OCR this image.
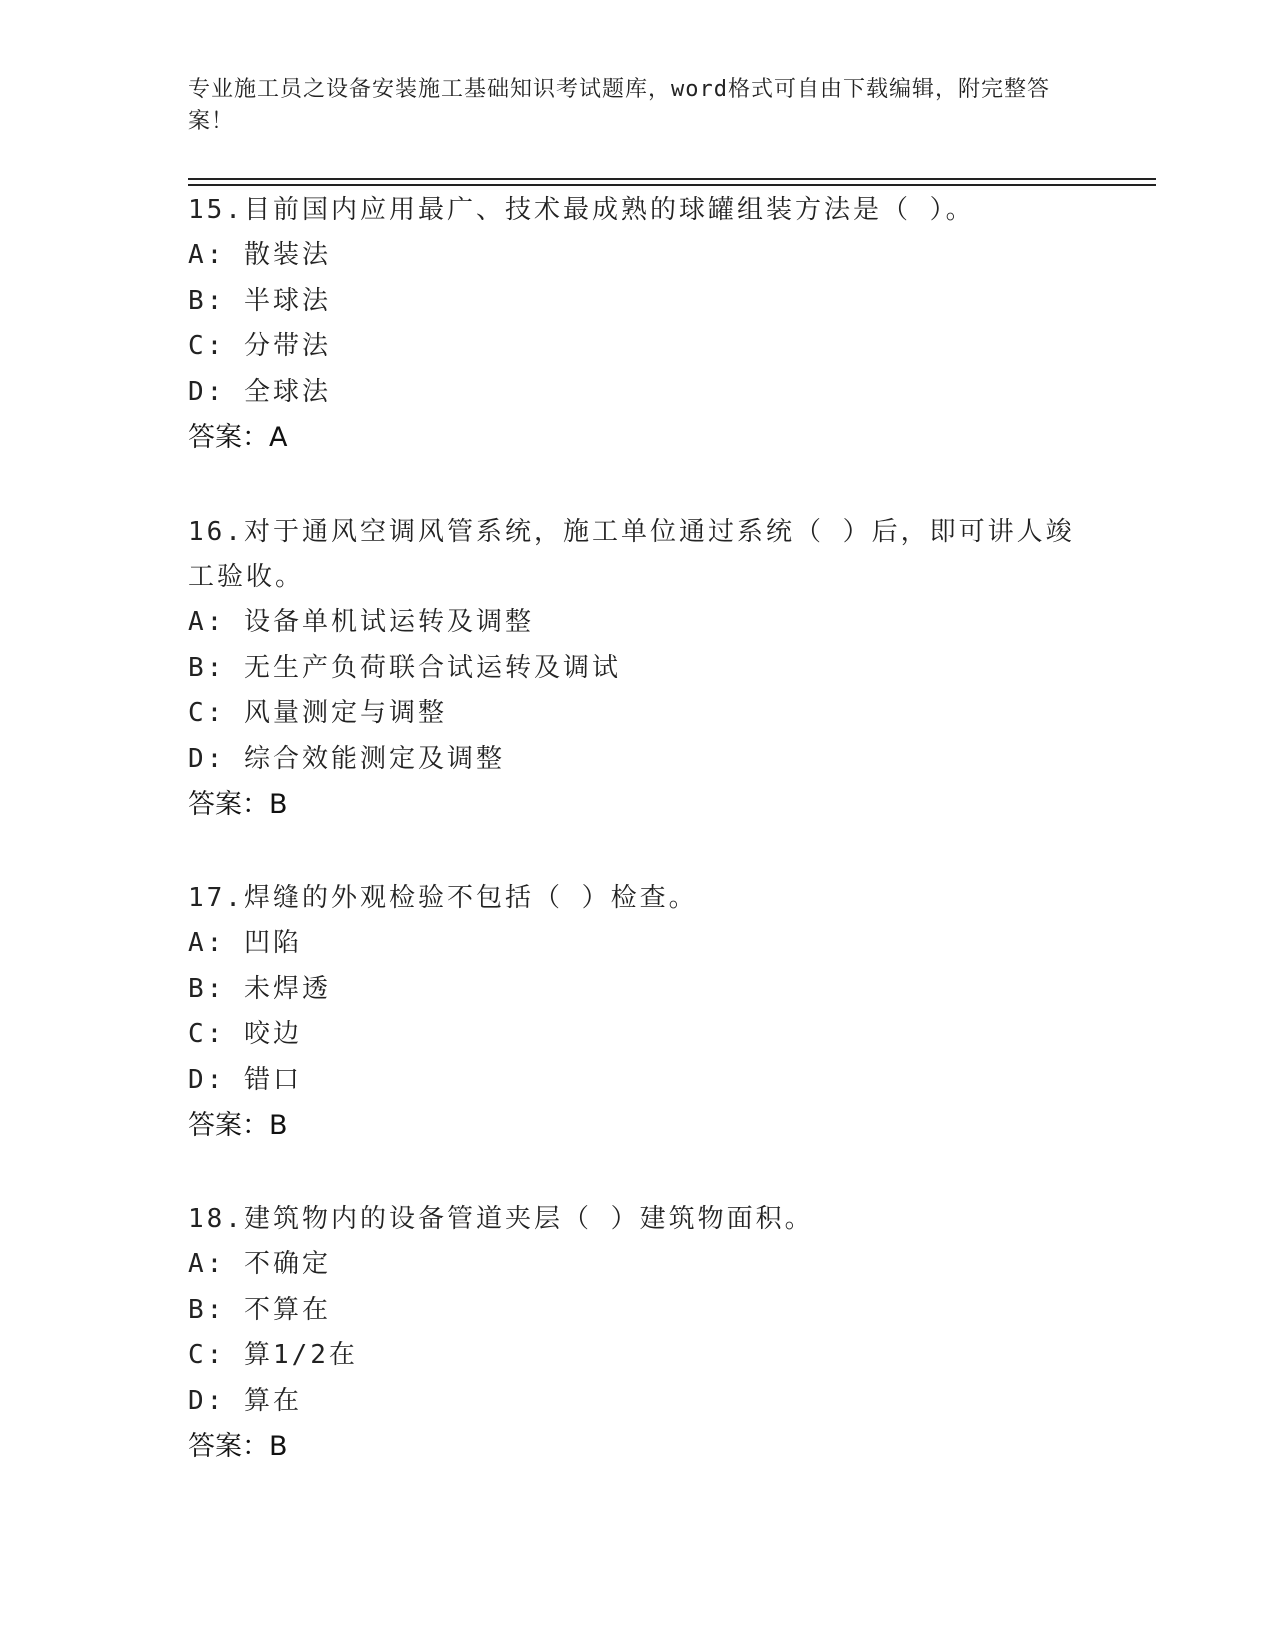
专业施工员之设备安装施工基础知识考试题库，word格式可自由下载编辑，附完整答案！
15.目前国内应用最广、技术最成熟的球罐组装方法是（ ）。
A: 散装法
B: 半球法
C: 分带法
D: 全球法
答案：A
16.对于通风空调风管系统，施工单位通过系统（ ）后，即可讲人竣工验收。
A: 设备单机试运转及调整
B: 无生产负荷联合试运转及调试
C: 风量测定与调整
D: 综合效能测定及调整
答案：B
17.焊缝的外观检验不包括（ ）检查。
A: 凹陷
B: 未焊透
C: 咬边
D: 错口
答案：B
18.建筑物内的设备管道夹层（ ）建筑物面积。
A: 不确定
B: 不算在
C: 算1/2在
D: 算在
答案：B
